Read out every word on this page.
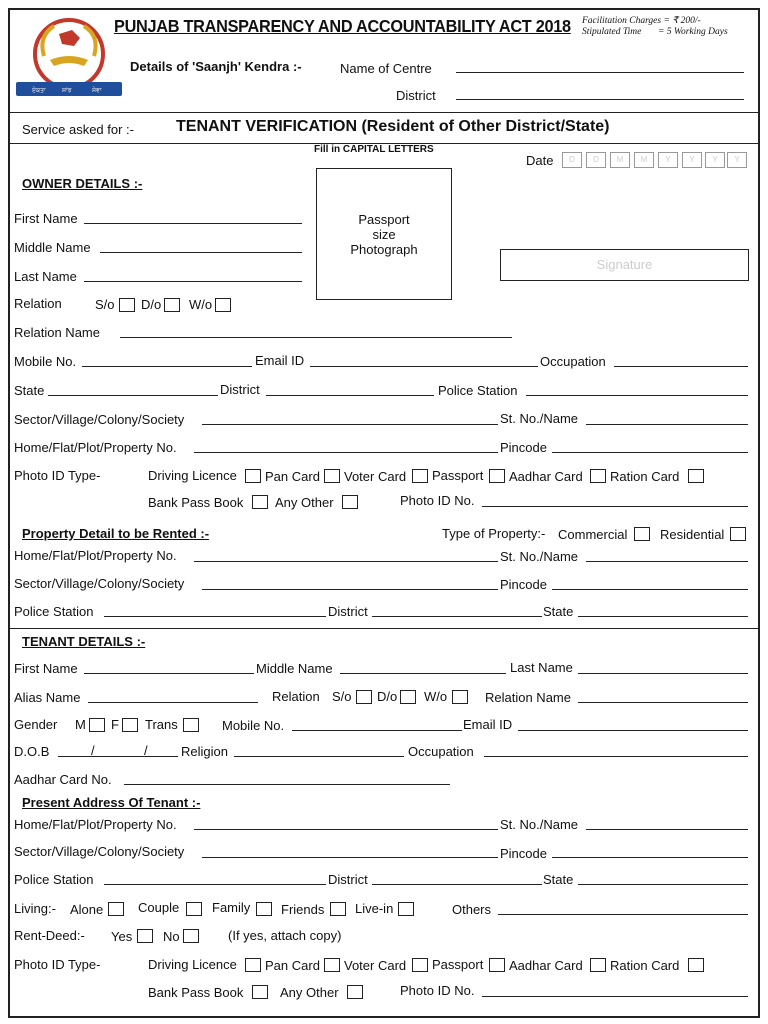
ਏਕਤਾ	ਸਾਂਝ	ਸੇਵਾ
PUNJAB TRANSPARENCY AND ACCOUNTABILITY ACT 2018 Facilitation Charges = ₹ 200/-
Stipulated Time       = 5 Working Days
Details of 'Saanjh' Kendra :-	Name of Centre
District
Service asked for :-	TENANT VERIFICATION (Resident of Other District/State)
Fill in CAPITAL LETTERS
Date	D	D	M	M	Y	Y	Y	Y
OWNER DETAILS :-
Passport
size
Photograph
Signature
First Name
Middle Name
Last Name
Relation	S/o D/o W/o
Relation Name
Mobile No.	Email ID	Occupation
State	District	Police Station
Sector/Village/Colony/Society	St. No./Name
Home/Flat/Plot/Property No.	Pincode
Photo ID Type-	Driving Licence Pan Card Voter Card Passport Aadhar Card Ration Card
Bank Pass Book Any Other	Photo ID No.
Property Detail to be Rented :-	Type of Property:- Commercial	Residential
Home/Flat/Plot/Property No.	St. No./Name
Sector/Village/Colony/Society	Pincode
Police Station	District	State
TENANT DETAILS :-
First Name	Middle Name	Last Name
Alias Name	Relation S/o D/o W/o	Relation Name
Gender M F Trans	Mobile No.	Email ID
D.O.B	/	/	Religion	Occupation
Aadhar Card No.
Present Address Of Tenant :-
Home/Flat/Plot/Property No.	St. No./Name
Sector/Village/Colony/Society	Pincode
Police Station	District	State
Living:- Alone	Couple	Family Friends Live-in	Others
Rent-Deed:- Yes No	(If yes, attach copy)
Photo ID Type-	Driving Licence Pan Card Voter Card Passport Aadhar Card Ration Card
Bank Pass Book	Any Other	Photo ID No.
